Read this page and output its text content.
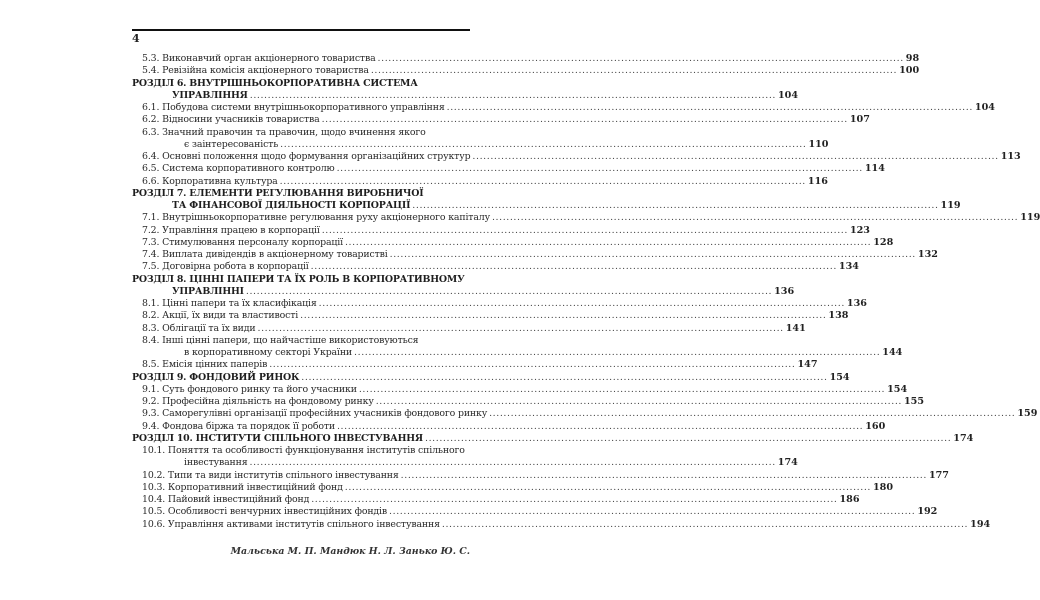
4
5.3. Виконавчий орган акціонерного товариства .....	98
5.4. Ревізійна комісія акціонерного товариства .....	100
РОЗДІЛ 6. ВНУТРІШНЬОКОРПОРАТИВНА СИСТЕМА
УПРАВЛІННЯ .....	104
6.1. Побудова системи внутрішньокорпоративного управління .....	104
6.2. Відносини учасників товариства .....	107
6.3. Значний правочин та правочин, щодо вчинення якого
є заінтересованість .....	110
6.4. Основні положення щодо формування організаційних структур .....	113
6.5. Система корпоративного контролю .....	114
6.6. Корпоративна культура .....	116
РОЗДІЛ 7. ЕЛЕМЕНТИ РЕГУЛЮВАННЯ ВИРОБНИЧОЇ
ТА ФІНАНСОВОЇ ДІЯЛЬНОСТІ КОРПОРАЦІЇ .....	119
7.1. Внутрішньокорпоративне регулювання руху акціонерного капіталу .....	119
7.2. Управління працею в корпорації .....	123
7.3. Стимулювання персоналу корпорації .....	128
7.4. Виплата дивідендів в акціонерному товаристві .....	132
7.5. Договірна робота в корпорації .....	134
РОЗДІЛ 8. ЦІННІ ПАПЕРИ ТА ЇХ РОЛЬ В КОРПОРАТИВНОМУ
УПРАВЛІННІ .....	136
8.1. Цінні папери та їх класифікація .....	136
8.2. Акції, їх види та властивості .....	138
8.3. Облігації та їх види .....	141
8.4. Інші цінні папери, що найчастіше використовуються
в корпоративному секторі України .....	144
8.5. Емісія цінних паперів .....	147
РОЗДІЛ 9. ФОНДОВИЙ РИНОК .....	154
9.1. Суть фондового ринку та його учасники .....	154
9.2. Професійна діяльність на фондовому ринку .....	155
9.3. Саморегулівні організації професійних учасників фондового ринку .....	159
9.4. Фондова біржа та порядок її роботи .....	160
РОЗДІЛ 10. ІНСТИТУТИ СПІЛЬНОГО ІНВЕСТУВАННЯ .....	174
10.1. Поняття та особливості функціонування інститутів спільного
інвестування .....	174
10.2. Типи та види інститутів спільного інвестування .....	177
10.3. Корпоративний інвестиційний фонд .....	180
10.4. Пайовий інвестиційний фонд .....	186
10.5. Особливості венчурних інвестиційних фондів .....	192
10.6. Управління активами інститутів спільного інвестування .....	194
Мальська М. П. Мандюк Н. Л. Занько Ю. С.
